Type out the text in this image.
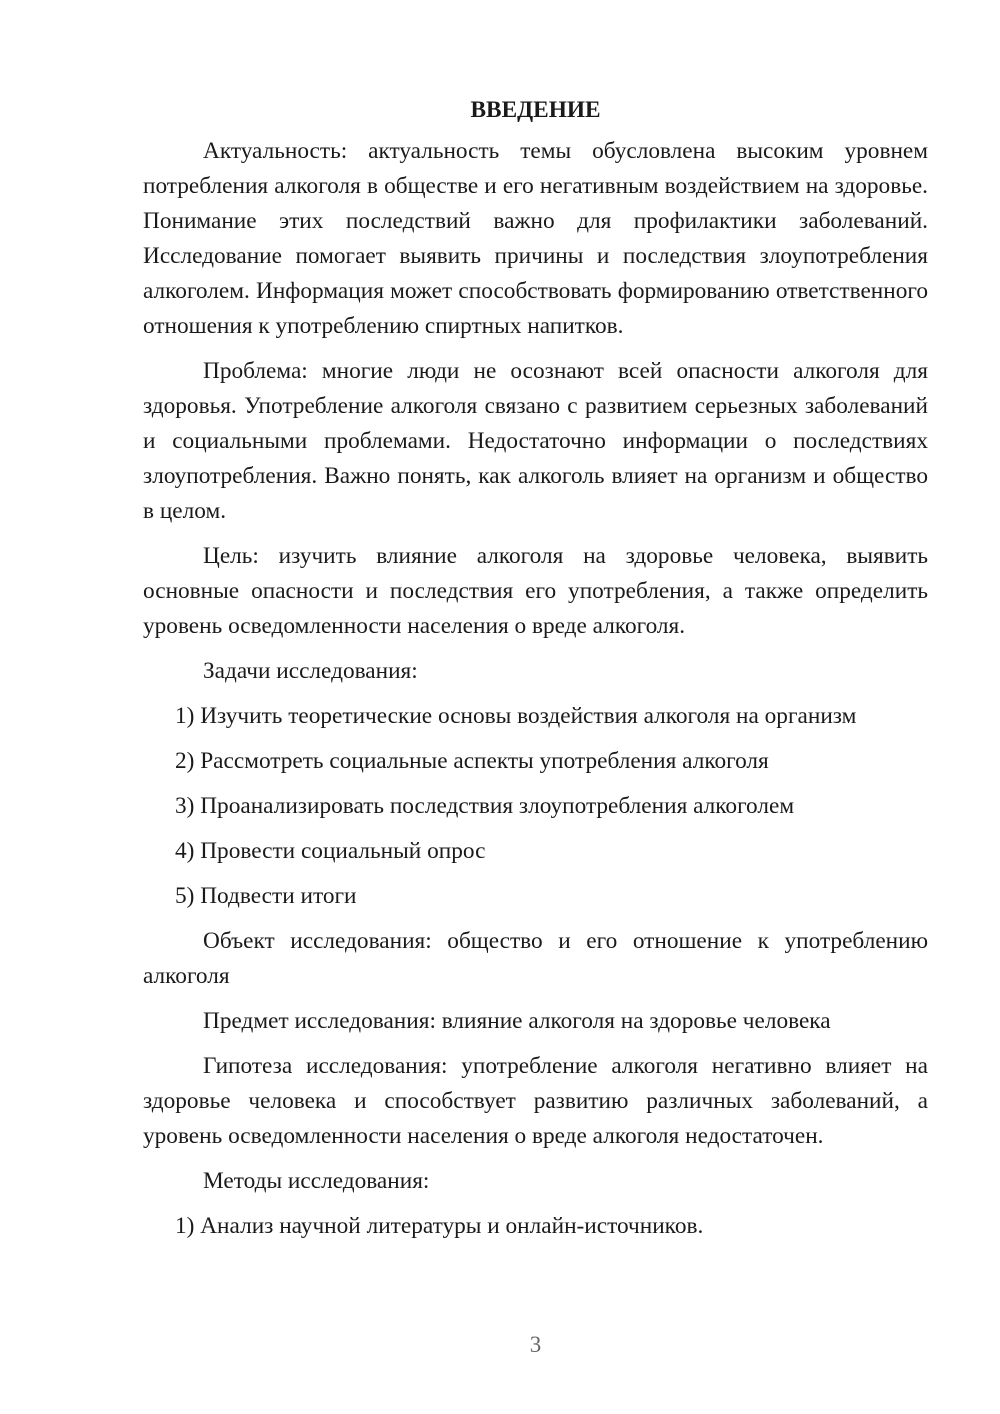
ВВЕДЕНИЕ

Актуальность: актуальность темы обусловлена высоким уровнем потребления алкоголя в обществе и его негативным воздействием на здоровье. Понимание этих последствий важно для профилактики заболеваний. Исследование помогает выявить причины и последствия злоупотребления алкоголем. Информация может способствовать формированию ответственного отношения к употреблению спиртных напитков.

Проблема: многие люди не осознают всей опасности алкоголя для здоровья. Употребление алкоголя связано с развитием серьезных заболеваний и социальными проблемами. Недостаточно информации о последствиях злоупотребления. Важно понять, как алкоголь влияет на организм и общество в целом.

Цель: изучить влияние алкоголя на здоровье человека, выявить основные опасности и последствия его употребления, а также определить уровень осведомленности населения о вреде алкоголя.

Задачи исследования:

1) Изучить теоретические основы воздействия алкоголя на организм
2) Рассмотреть социальные аспекты употребления алкоголя
3) Проанализировать последствия злоупотребления алкоголем
4) Провести социальный опрос
5) Подвести итоги

Объект исследования: общество и его отношение к употреблению алкоголя

Предмет исследования: влияние алкоголя на здоровье человека

Гипотеза исследования: употребление алкоголя негативно влияет на здоровье человека и способствует развитию различных заболеваний, а уровень осведомленности населения о вреде алкоголя недостаточен.

Методы исследования:

1) Анализ научной литературы и онлайн-источников.
3
